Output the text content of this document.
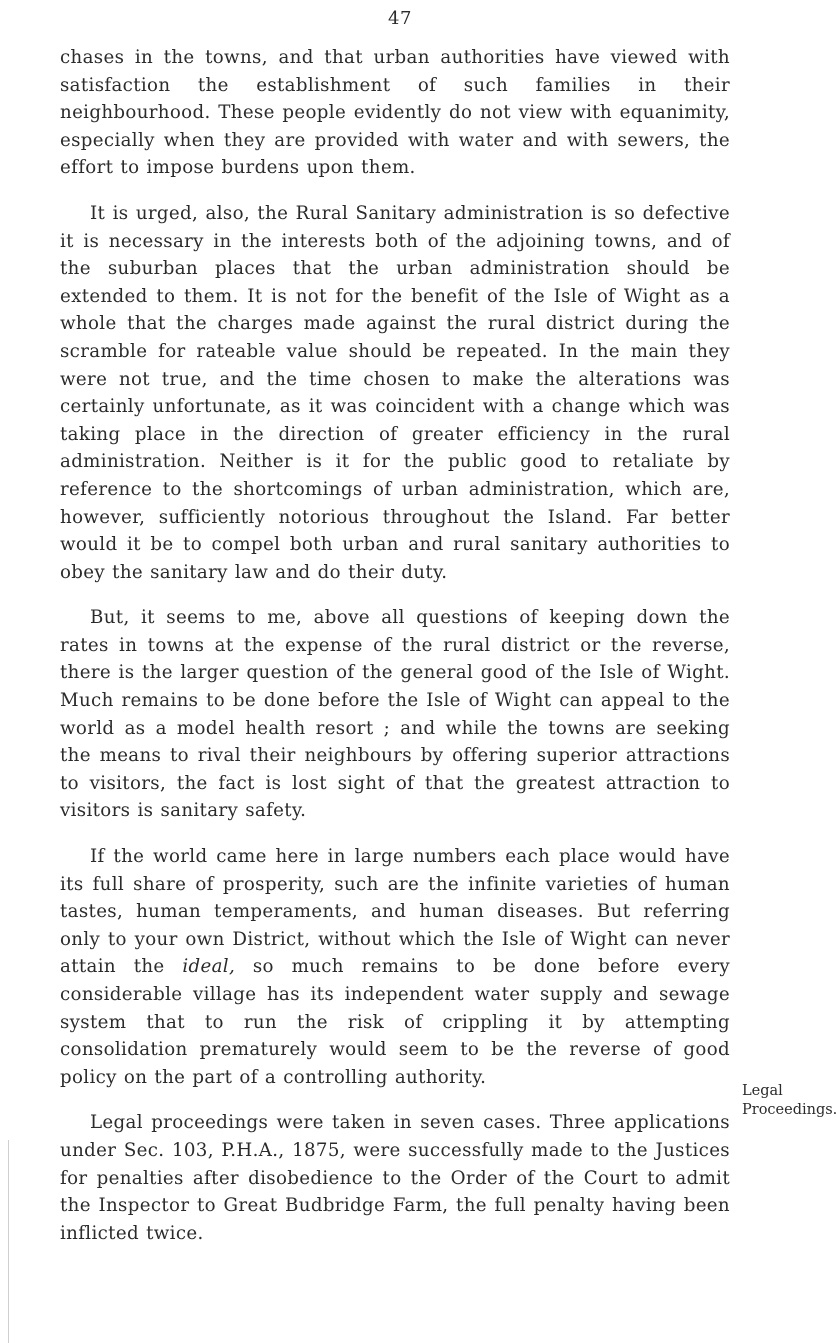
47

chases in the towns, and that urban authorities have viewed with satisfaction the establishment of such families in their neighbourhood. These people evidently do not view with equanimity, especially when they are provided with water and with sewers, the effort to impose burdens upon them.

It is urged, also, the Rural Sanitary administration is so defective it is necessary in the interests both of the adjoining towns, and of the suburban places that the urban administration should be extended to them. It is not for the benefit of the Isle of Wight as a whole that the charges made against the rural district during the scramble for rateable value should be repeated. In the main they were not true, and the time chosen to make the alterations was certainly unfortunate, as it was coincident with a change which was taking place in the direction of greater efficiency in the rural administration. Neither is it for the public good to retaliate by reference to the shortcomings of urban administration, which are, however, sufficiently notorious throughout the Island. Far better would it be to compel both urban and rural sanitary authorities to obey the sanitary law and do their duty.

But, it seems to me, above all questions of keeping down the rates in towns at the expense of the rural district or the reverse, there is the larger question of the general good of the Isle of Wight. Much remains to be done before the Isle of Wight can appeal to the world as a model health resort ; and while the towns are seeking the means to rival their neighbours by offering superior attractions to visitors, the fact is lost sight of that the greatest attraction to visitors is sanitary safety.

If the world came here in large numbers each place would have its full share of prosperity, such are the infinite varieties of human tastes, human temperaments, and human diseases. But referring only to your own District, without which the Isle of Wight can never attain the ideal, so much remains to be done before every considerable village has its independent water supply and sewage system that to run the risk of crippling it by attempting consolidation prematurely would seem to be the reverse of good policy on the part of a controlling authority.

Legal proceedings were taken in seven cases. Three applications under Sec. 103, P.H.A., 1875, were successfully made to the Justices for penalties after disobedience to the Order of the Court to admit the Inspector to Great Budbridge Farm, the full penalty having been inflicted twice.

Legal
Proceedings.
